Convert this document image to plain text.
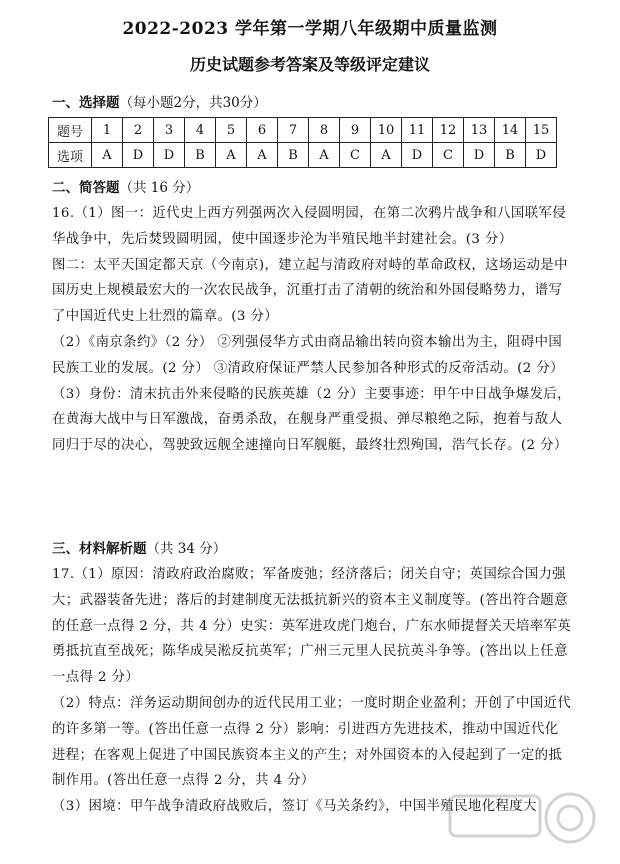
2022-2023 学年第一学期八年级期中质量监测
历史试题参考答案及等级评定建议
一、选择题（每小题2分，共30分）
题号	1	2	3	4	5	6	7	8	9	10	11	12	13	14	15
选项	A	D	D	B	A	A	B	A	C	A	D	C	D	B	D
二、简答题（共 16 分）

16.（1）图一：近代史上西方列强两次入侵圆明园，在第二次鸦片战争和八国联军侵华战争中，先后焚毁圆明园，使中国逐步沦为半殖民地半封建社会。(3 分）

图二：太平天国定都天京（今南京)，建立起与清政府对峙的革命政权，这场运动是中国历史上规模最宏大的一次农民战争，沉重打击了清朝的统治和外国侵略势力，谱写了中国近代史上壮烈的篇章。(3 分）

（2）《南京条约》（2 分） ②列强侵华方式由商品输出转向资本输出为主，阻碍中国民族工业的发展。(2 分） ③清政府保证严禁人民参加各种形式的反帝活动。(2 分）

（3）身份：清末抗击外来侵略的民族英雄（2 分）主要事迹：甲午中日战争爆发后，在黄海大战中与日军激战，奋勇杀敌，在舰身严重受损、弹尽粮绝之际，抱着与敌人同归于尽的决心，驾驶致远舰全速撞向日军舰艇，最终壮烈殉国，浩气长存。(2 分）

三、材料解析题（共 34 分）

17.（1）原因：清政府政治腐败；军备废弛；经济落后；闭关自守；英国综合国力强大；武器装备先进；落后的封建制度无法抵抗新兴的资本主义制度等。(答出符合题意的任意一点得 2 分，共 4 分）史实：英军进攻虎门炮台，广东水师提督关天培率军英勇抵抗直至战死；陈华成吴淞反抗英军；广州三元里人民抗英斗争等。(答出以上任意一点得 2 分）

（2）特点：洋务运动期间创办的近代民用工业；一度时期企业盈利；开创了中国近代的许多第一等。(答出任意一点得 2 分）影响：引进西方先进技术，推动中国近代化进程；在客观上促进了中国民族资本主义的产生；对外国资本的入侵起到了一定的抵制作用。(答出任意一点得 2 分，共 4 分）

（3）困境：甲午战争清政府战败后，签订《马关条约》，中国半殖民地化程度大
